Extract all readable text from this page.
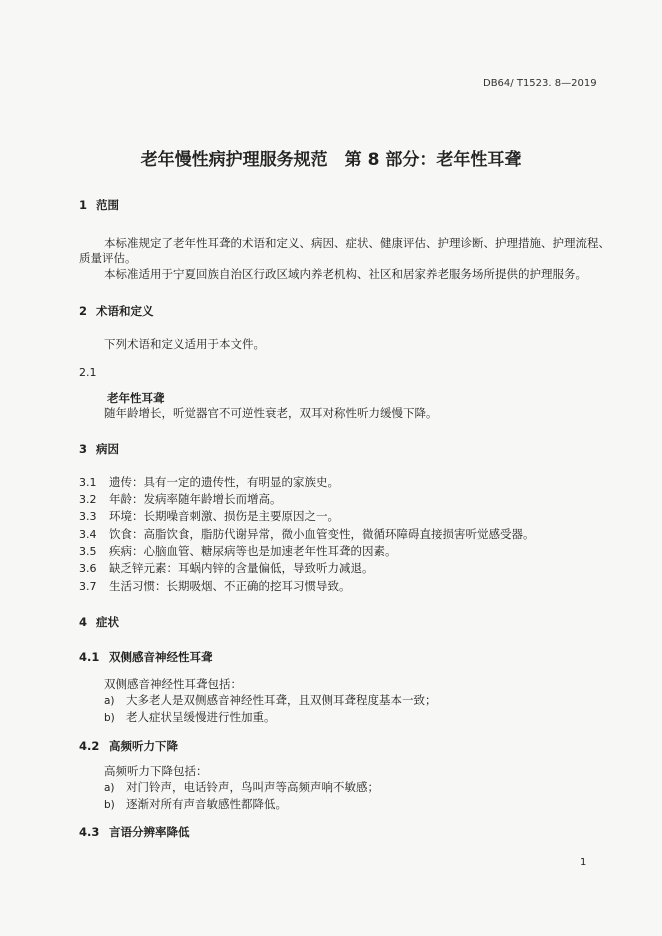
DB64/ T1523. 8—2019
老年慢性病护理服务规范　第 8 部分：老年性耳聋
1 范围
本标准规定了老年性耳聋的术语和定义、病因、症状、健康评估、护理诊断、护理措施、护理流程、
质量评估。
本标准适用于宁夏回族自治区行政区域内养老机构、社区和居家养老服务场所提供的护理服务。
2 术语和定义
下列术语和定义适用于本文件。
2.1
老年性耳聋
随年龄增长，听觉器官不可逆性衰老，双耳对称性听力缓慢下降。
3 病因
3.1 遗传：具有一定的遗传性，有明显的家族史。
3.2 年龄：发病率随年龄增长而增高。
3.3 环境：长期噪音刺激、损伤是主要原因之一。
3.4 饮食：高脂饮食，脂肪代谢异常，微小血管变性，微循环障碍直接损害听觉感受器。
3.5 疾病：心脑血管、糖尿病等也是加速老年性耳聋的因素。
3.6 缺乏锌元素：耳蜗内锌的含量偏低，导致听力减退。
3.7 生活习惯：长期吸烟、不正确的挖耳习惯导致。
4 症状
4.1 双侧感音神经性耳聋
双侧感音神经性耳聋包括：
a) 大多老人是双侧感音神经性耳聋，且双侧耳聋程度基本一致；
b) 老人症状呈缓慢进行性加重。
4.2 高频听力下降
高频听力下降包括：
a) 对门铃声，电话铃声，鸟叫声等高频声响不敏感；
b) 逐渐对所有声音敏感性都降低。
4.3 言语分辨率降低
1
